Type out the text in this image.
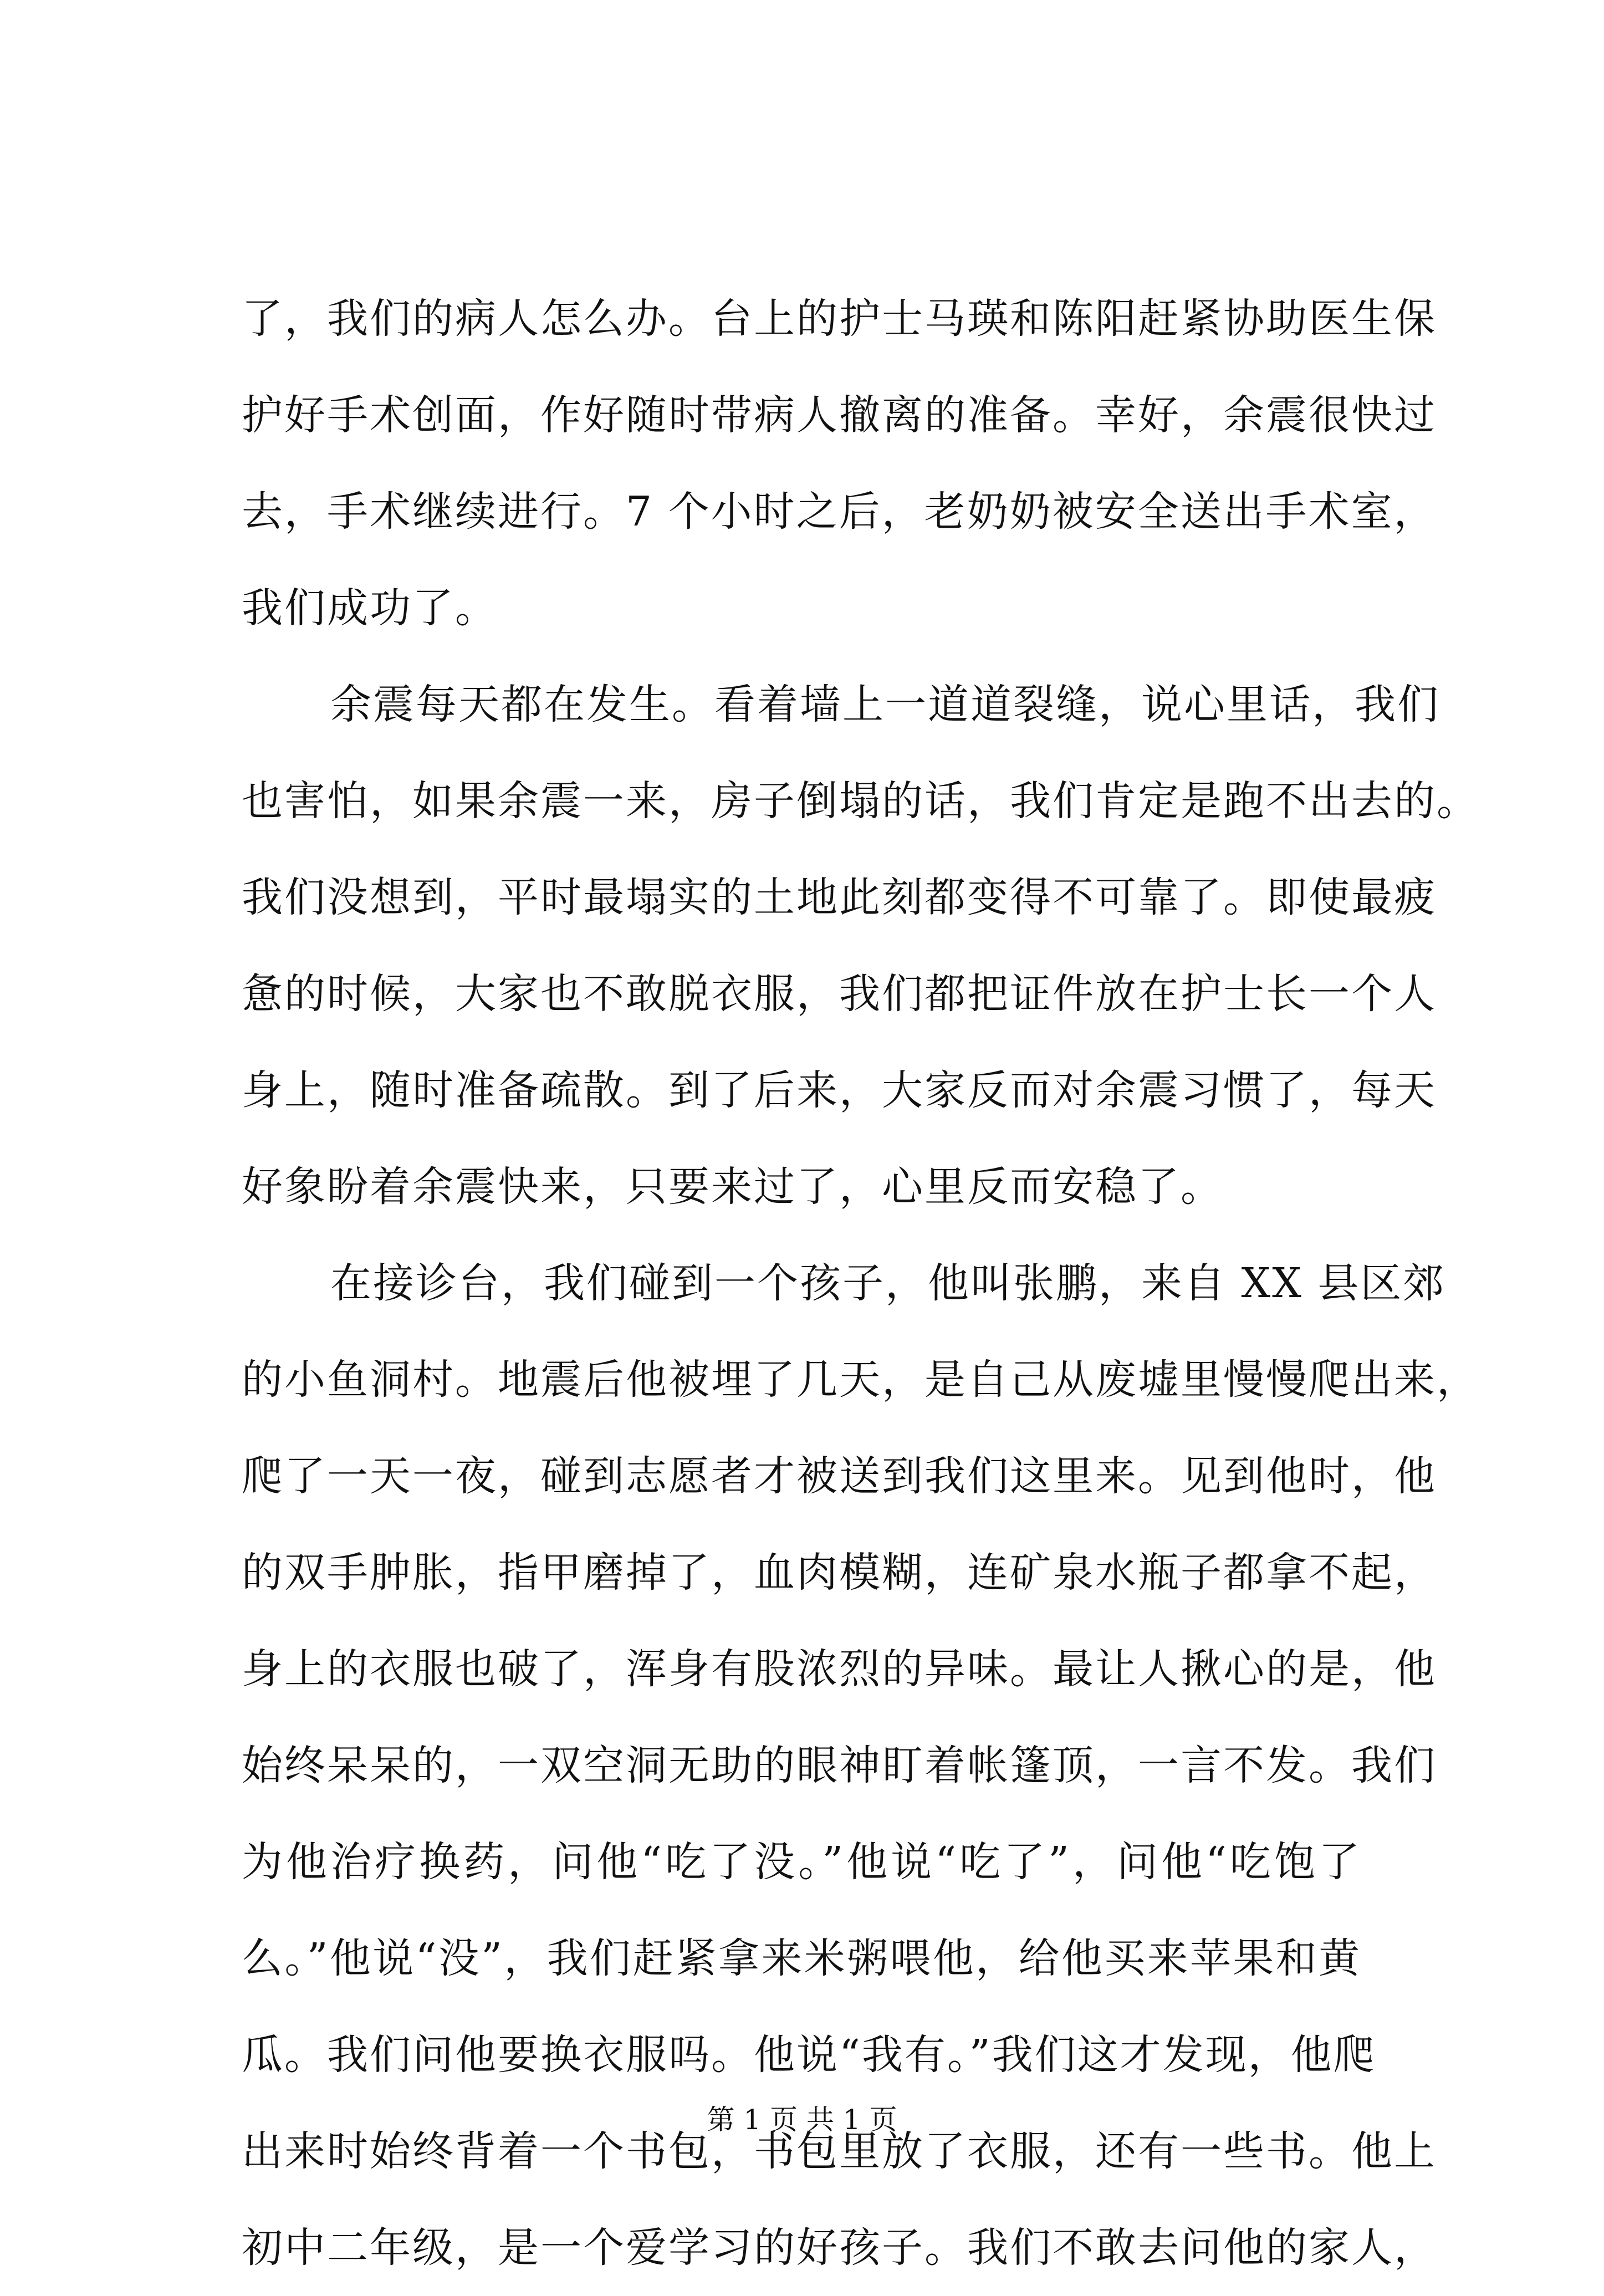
了，我们的病人怎么办。台上的护士马瑛和陈阳赶紧协助医生保
护好手术创面，作好随时带病人撤离的准备。幸好，余震很快过
去，手术继续进行。7 个小时之后，老奶奶被安全送出手术室，
我们成功了。
余震每天都在发生。看着墙上一道道裂缝，说心里话，我们
也害怕，如果余震一来，房子倒塌的话，我们肯定是跑不出去的。
我们没想到，平时最塌实的土地此刻都变得不可靠了。即使最疲
惫的时候，大家也不敢脱衣服，我们都把证件放在护士长一个人
身上，随时准备疏散。到了后来，大家反而对余震习惯了，每天
好象盼着余震快来，只要来过了，心里反而安稳了。
在接诊台，我们碰到一个孩子，他叫张鹏，来自 XX 县区郊
的小鱼洞村。地震后他被埋了几天，是自己从废墟里慢慢爬出来，
爬了一天一夜，碰到志愿者才被送到我们这里来。见到他时，他
的双手肿胀，指甲磨掉了，血肉模糊，连矿泉水瓶子都拿不起，
身上的衣服也破了，浑身有股浓烈的异味。最让人揪心的是，他
始终呆呆的，一双空洞无助的眼神盯着帐篷顶，一言不发。我们
为他治疗换药，问他“吃了没。”他说“吃了”，问他“吃饱了
么。”他说“没”，我们赶紧拿来米粥喂他，给他买来苹果和黄
瓜。我们问他要换衣服吗。他说“我有。”我们这才发现，他爬
出来时始终背着一个书包，书包里放了衣服，还有一些书。他上
初中二年级，是一个爱学习的好孩子。我们不敢去问他的家人，
第 1 页 共 1 页
